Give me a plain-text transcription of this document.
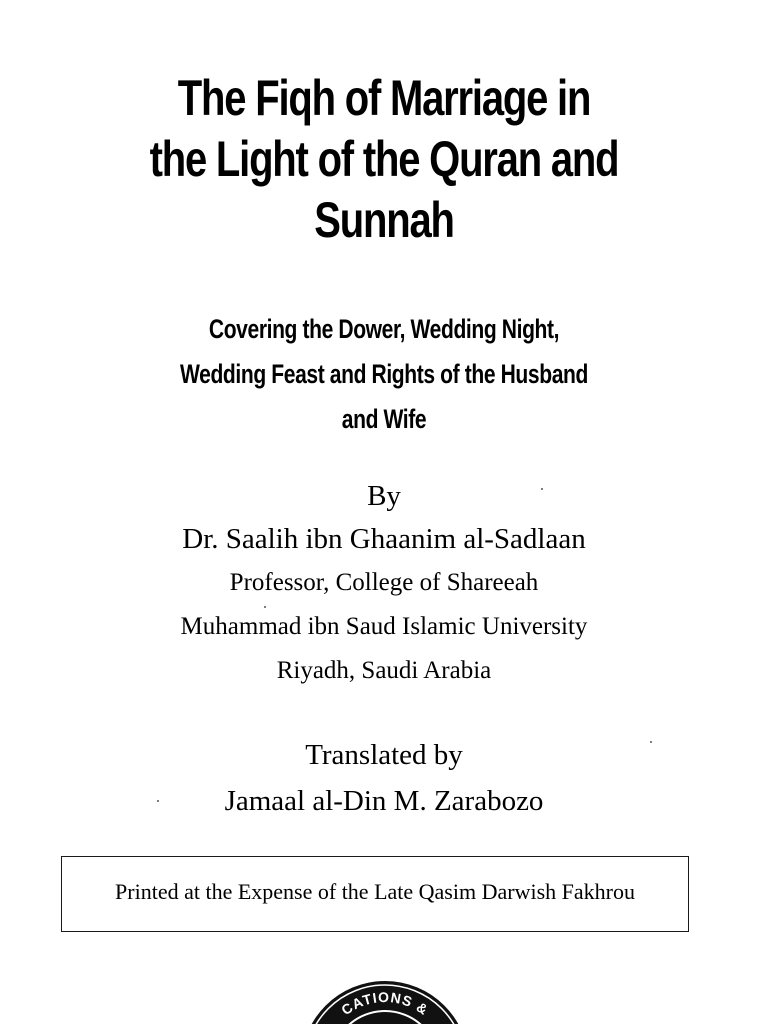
The Fiqh of Marriage in
the Light of the Quran and
Sunnah
Covering the Dower, Wedding Night,
Wedding Feast and Rights of the Husband
and Wife
By
Dr. Saalih ibn Ghaanim al-Sadlaan
Professor, College of Shareeah
Muhammad ibn Saud Islamic University
Riyadh, Saudi Arabia
Translated by
Jamaal al-Din M. Zarabozo
Printed at the Expense of the Late Qasim Darwish Fakhrou
CATIONS &
